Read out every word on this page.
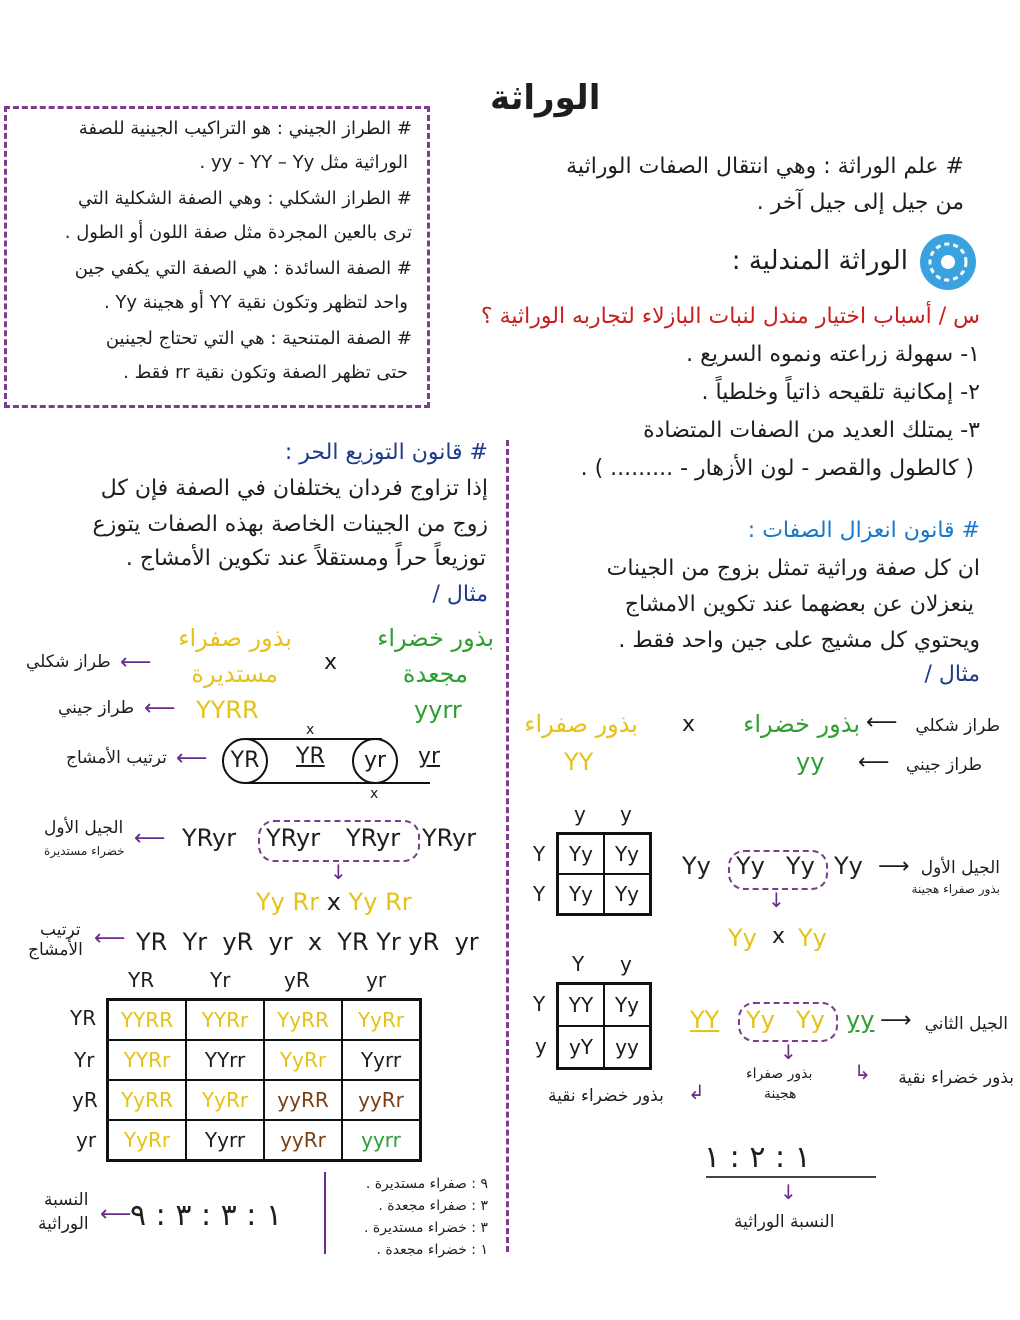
الوراثة
# الطراز الجيني : هو التراكيب الجينية للصفة
الوراثية مثل yy - YY – Yy .
# الطراز الشكلي : وهي الصفة الشكلية التي
ترى بالعين المجردة مثل صفة اللون أو الطول .
# الصفة السائدة : هي الصفة التي يكفي جين
واحد لتظهر وتكون نقية YY أو هجينة Yy .
# الصفة المتنحية : هي التي تحتاج لجينين
حتى تظهر الصفة وتكون نقية rr فقط .
# علم الوراثة : وهي انتقال الصفات الوراثية
من جيل إلى جيل آخر .
الوراثة المندلية :
س / أسباب اختيار مندل لنبات البازلاء لتجاربه الوراثية ؟
١- سهولة زراعته ونموه السريع .
٢- إمكانية تلقيحه ذاتياً وخلطياً .
٣- يمتلك العديد من الصفات المتضادة
( كالطول والقصر - لون الأزهار - ......... ) .
# قانون انعزال الصفات :
ان كل صفة وراثية تمثل بزوج من الجينات
ينعزلان عن بعضهما عند تكوين الامشاج
ويحتوي كل مشيج على جين واحد فقط .
مثال /
طراز شكلي
⟵
بذور خضراء
x
بذور صفراء
طراز جيني
⟵
yy
YY
y y
Y
Y
Yy	Yy
Yy	Yy
Yy Yy Yy Yy ⟶ الجيل الأول
بذور صفراء هجينة
↓
Yy x Yy
Y y
Y
y
YY	Yy
yY	yy
YY Yy Yy yy ⟶ الجيل الثاني
↓
بذور صفراء
هجينة
↳ بذور خضراء نقية
↲
بذور خضراء نقية
١ : ٢ : ١
↓
النسبة الوراثية
# قانون التوزيع الحر :
إذا تزاوج فردان يختلفان في الصفة فإن كل
زوج من الجينات الخاصة بهذه الصفات يتوزع
توزيعاً حراً ومستقلاً عند تكوين الأمشاج .
مثال /
بذور خضراء
مجعدة
x
بذور صفراء
مستديرة
⟵
طراز شكلي
yyrr
YYRR
⟵
طراز جيني
x
YR	YR	yr	yr
x
⟵
ترتيب الأمشاج
YRyr YRyr YRyr YRyr
⟵
الجيل الأول
خضراء مستديرة
↓
Yy Rr x Yy Rr
ترتيب
الأمشاج ⟵ YR  Yr  yR  yr  x  YR Yr yR  yr
YR	Yr	yR	yr
YR
Yr
yR
yr
YYRR	YYRr	YyRR	YyRr
YYRr	YYrr	YyRr	Yyrr
YyRR	YyRr	yyRR	yyRr
YyRr	Yyrr	yyRr	yyrr
٩ : صفراء مستديرة .
٣ : صفراء مجعدة .
٣ : خضراء مستديرة .
١ : خضراء مجعدة .
١ : ٣ : ٣ : ٩
⟵
النسبة
الوراثية
